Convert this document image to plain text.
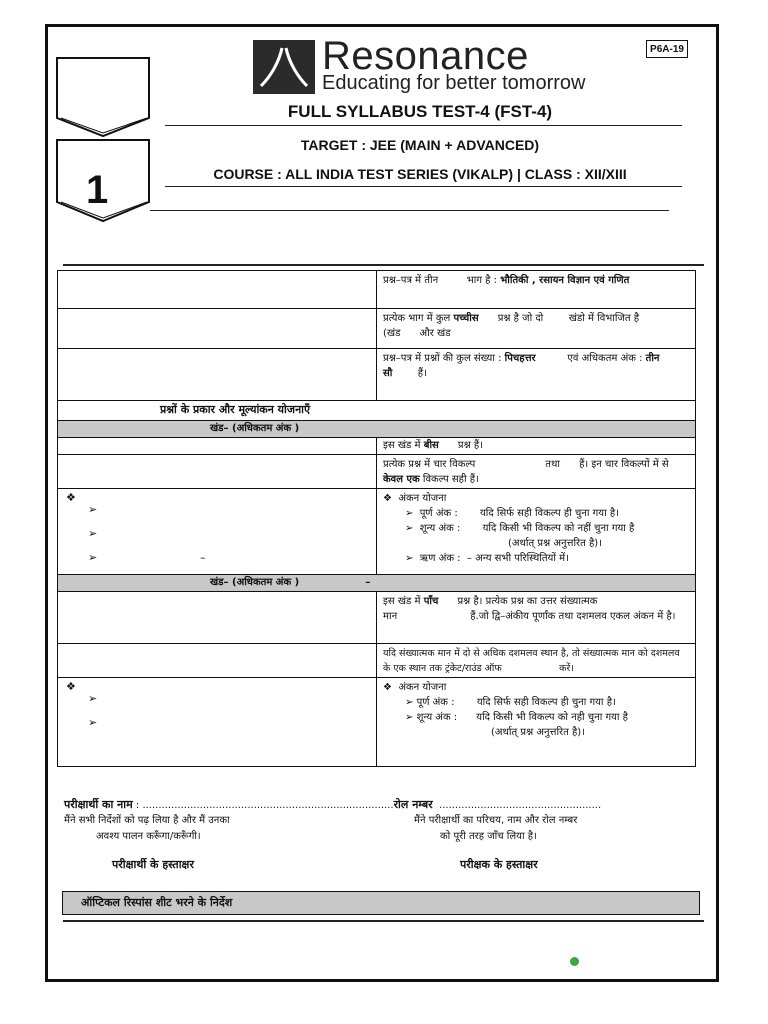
1
P6A-19
Resonance
Educating for better tomorrow
FULL SYLLABUS TEST-4 (FST-4)
TARGET : JEE (MAIN + ADVANCED)
COURSE : ALL INDIA TEST SERIES (VIKALP) | CLASS : XII/XIII
प्रश्न–पत्र में तीन	भाग है : भौतिकी , रसायन विज्ञान एवं गणित
प्रत्येक भाग में कुल पच्चीस प्रश्न है जो दो	खंडो में विभाजित है (खंड और खंड
प्रश्न–पत्र में प्रश्नों की कुल संख्या : पिचहत्तर	एवं अधिकतम अंक : तीन सौ	हैं।
प्रश्नों के प्रकार और मूल्यांकन योजनाएँ
खंड– (अधिकतम अंक )
इस खंड में बीस प्रश्न हैं।
प्रत्येक प्रश्न में चार विकल्प	तथा हैं। इन चार विकल्पों में से केवल एक विकल्प सही हैं।
❖
➢
➢
➢	–
❖ अंकन योजना
➢ पूर्ण अंक : यदि सिर्फ सही विकल्प ही चुना गया है।
➢ शून्य अंक : यदि किसी भी विकल्प को नहीं चुना गया है
(अर्थात् प्रश्न अनुत्तरित है)।
➢ ऋण अंक : – अन्य सभी परिस्थितियों में।
खंड– (अधिकतम अंक )	–
इस खंड में पाँच प्रश्न है। प्रत्येक प्रश्न का उत्तर संख्यात्मक मान	हैं.जो द्वि–अंकीय पूर्णांक तथा दशमलव एकल अंकन में है।
यदि संख्यात्मक मान में दो से अधिक दशमलव स्थान है, तो संख्यात्मक मान को दशमलव के एक स्थान तक ट्रंकेट/राउंड ऑफ	करें।
❖
➢
➢
❖ अंकन योजना
➢ पूर्ण अंक : यदि सिर्फ सही विकल्प ही चुना गया है।
➢ शून्य अंक : यदि किसी भी विकल्प को नही चुना गया है
(अर्थात् प्रश्न अनुत्तरित है)।
परीक्षार्थी का नाम : ...............................................................................रोल नम्बर ...................................................
मैंने सभी निर्देशों को पढ़ लिया है और मैं उनका
अवश्य पालन करूँगा/करूँगी।
मैंने परीक्षार्थी का परिचय, नाम और रोल नम्बर
को पूरी तरह जाँच लिया है।
परीक्षार्थी के हस्ताक्षर	परीक्षक के हस्ताक्षर
ऑप्टिकल रिस्पांस शीट भरने के निर्देश
